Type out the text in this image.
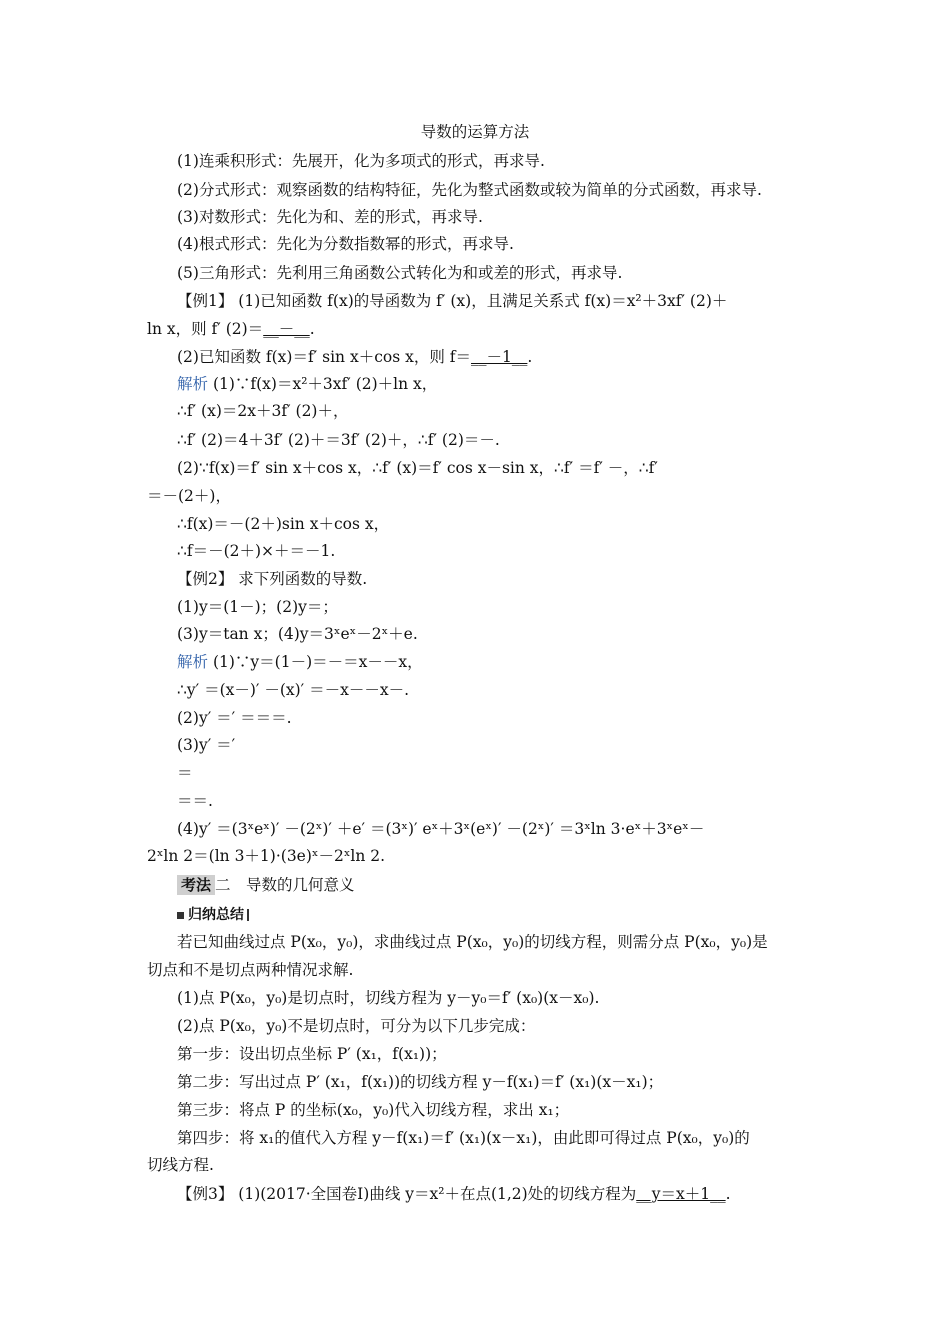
导数的运算方法
(1)连乘积形式：先展开，化为多项式的形式，再求导.
(2)分式形式：观察函数的结构特征，先化为整式函数或较为简单的分式函数，再求导.
(3)对数形式：先化为和、差的形式，再求导.
(4)根式形式：先化为分数指数幂的形式，再求导.
(5)三角形式：先利用三角函数公式转化为和或差的形式，再求导.
【例1】 (1)已知函数 f(x)的导函数为 f′ (x)，且满足关系式 f(x)＝x²＋3xf′ (2)＋
ln x，则 f′ (2)＝__－__.
(2)已知函数 f(x)＝f′ sin x＋cos x，则 f＝__－1__.
解析 (1)∵f(x)＝x²＋3xf′ (2)＋ln x，
∴f′ (x)＝2x＋3f′ (2)＋，
∴f′ (2)＝4＋3f′ (2)＋＝3f′ (2)＋，∴f′ (2)＝－.
(2)∵f(x)＝f′ sin x＋cos x，∴f′ (x)＝f′ cos x－sin x，∴f′ ＝f′ －，∴f′
＝－(2＋)，
∴f(x)＝－(2＋)sin x＋cos x，
∴f＝－(2＋)×＋＝－1.
【例2】 求下列函数的导数.
(1)y＝(1－)；(2)y＝；
(3)y＝tan x；(4)y＝3ˣeˣ－2ˣ＋e.
解析 (1)∵y＝(1－)＝－＝x－－x，
∴y′ ＝(x－)′ －(x)′ ＝－x－－x－.
(2)y′ ＝′ ＝＝＝.
(3)y′ ＝′
＝
＝＝.
(4)y′ ＝(3ˣeˣ)′ －(2ˣ)′ ＋e′ ＝(3ˣ)′ eˣ＋3ˣ(eˣ)′ －(2ˣ)′ ＝3ˣln 3·eˣ＋3ˣeˣ－
2ˣln 2＝(ln 3＋1)·(3e)ˣ－2ˣln 2.
考法 二　导数的几何意义
归纳总结
若已知曲线过点 P(x₀，y₀)，求曲线过点 P(x₀，y₀)的切线方程，则需分点 P(x₀，y₀)是
切点和不是切点两种情况求解.
(1)点 P(x₀，y₀)是切点时，切线方程为 y－y₀＝f′ (x₀)(x－x₀).
(2)点 P(x₀，y₀)不是切点时，可分为以下几步完成：
第一步：设出切点坐标 P′ (x₁，f(x₁))；
第二步：写出过点 P′ (x₁，f(x₁))的切线方程 y－f(x₁)＝f′ (x₁)(x－x₁)；
第三步：将点 P 的坐标(x₀，y₀)代入切线方程，求出 x₁；
第四步：将 x₁的值代入方程 y－f(x₁)＝f′ (x₁)(x－x₁)，由此即可得过点 P(x₀，y₀)的
切线方程.
【例3】 (1)(2017·全国卷Ⅰ)曲线 y＝x²＋在点(1,2)处的切线方程为__y＝x＋1__.
